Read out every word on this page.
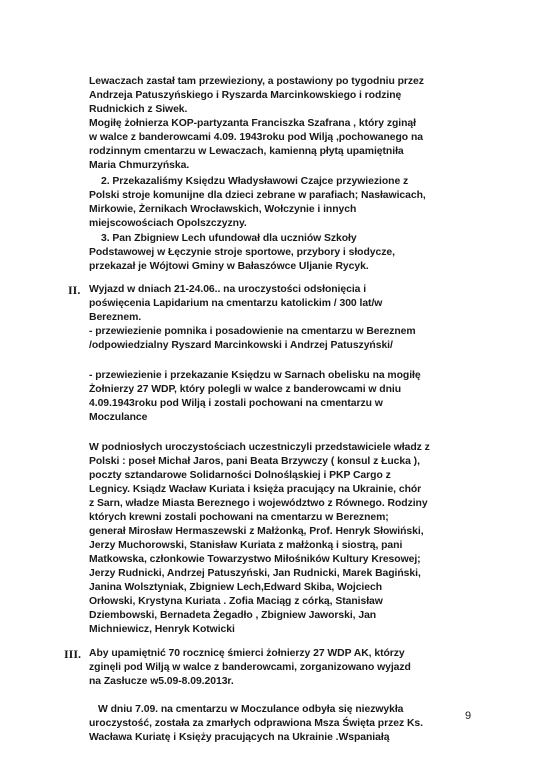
Lewaczach zastał tam przewieziony, a postawiony po tygodniu przez
Andrzeja Patuszyńskiego i Ryszarda Marcinkowskiego i rodzinę
Rudnickich z Siwek.
Mogiłę żołnierza KOP-partyzanta Franciszka Szafrana , który zginął
w walce z banderowcami 4.09. 1943roku pod Wilją ,pochowanego na
rodzinnym cmentarzu w Lewaczach, kamienną płytą upamiętniła
Maria Chmurzyńska.
2. Przekazaliśmy Księdzu Władysławowi Czajce przywiezione z
Polski stroje komunijne dla dzieci zebrane w parafiach; Nasławicach,
Mirkowie, Żernikach Wrocławskich, Wołczynie i innych
miejscowościach Opolszczyzny.
3. Pan Zbigniew Lech ufundował dla uczniów Szkoły
Podstawowej w Łęczynie stroje sportowe, przybory i słodycze,
przekazał je Wójtowi Gminy w Bałaszówce Uljanie Rycyk.
II. Wyjazd w dniach 21-24.06.. na uroczystości odsłonięcia i
poświęcenia Lapidarium na cmentarzu katolickim / 300 lat/w
Bereznem.
- przewiezienie pomnika i posadowienie na cmentarzu w Bereznem
/odpowiedzialny Ryszard Marcinkowski i Andrzej Patuszyński/
- przewiezienie i przekazanie Księdzu w Sarnach obelisku na mogiłę
Żołnierzy 27 WDP, który polegli w walce z banderowcami w dniu
4.09.1943roku pod Wilją i zostali pochowani na cmentarzu w
Moczulance
W podniosłych uroczystościach uczestniczyli przedstawiciele władz z
Polski : poseł Michał Jaros, pani Beata Brzywczy ( konsul z Łucka ),
poczty sztandarowe Solidarności Dolnośląskiej i PKP Cargo z
Legnicy. Ksiądz Wacław Kuriata i księża pracujący na Ukrainie, chór
z Sarn, władze Miasta Bereznego i województwo z Równego. Rodziny
których krewni zostali pochowani na cmentarzu w Bereznem;
generał Mirosław Hermaszewski z Małżonką, Prof. Henryk Słowiński,
Jerzy Muchorowski, Stanisław Kuriata z małżonką i siostrą, pani
Matkowska, członkowie Towarzystwo Miłośników Kultury Kresowej;
Jerzy Rudnicki, Andrzej Patuszyński, Jan Rudnicki, Marek Bagiński,
Janina Wolsztyniak, Zbigniew Lech,Edward Skiba, Wojciech
Orłowski, Krystyna Kuriata . Zofia Maciąg z córką, Stanisław
Dziembowski, Bernadeta Żegadło , Zbigniew Jaworski, Jan
Michniewicz, Henryk Kotwicki
III. Aby upamiętnić 70 rocznicę śmierci żołnierzy 27 WDP AK, którzy
zginęli pod Wilją w walce z banderowcami, zorganizowano wyjazd
na Zasłucze w5.09-8.09.2013r.
W dniu 7.09. na cmentarzu w Moczulance odbyła się niezwykła
uroczystość, została za zmarłych odprawiona Msza Święta przez Ks.
Wacława Kuriatę i Księży pracujących na Ukrainie .Wspaniałą
9
